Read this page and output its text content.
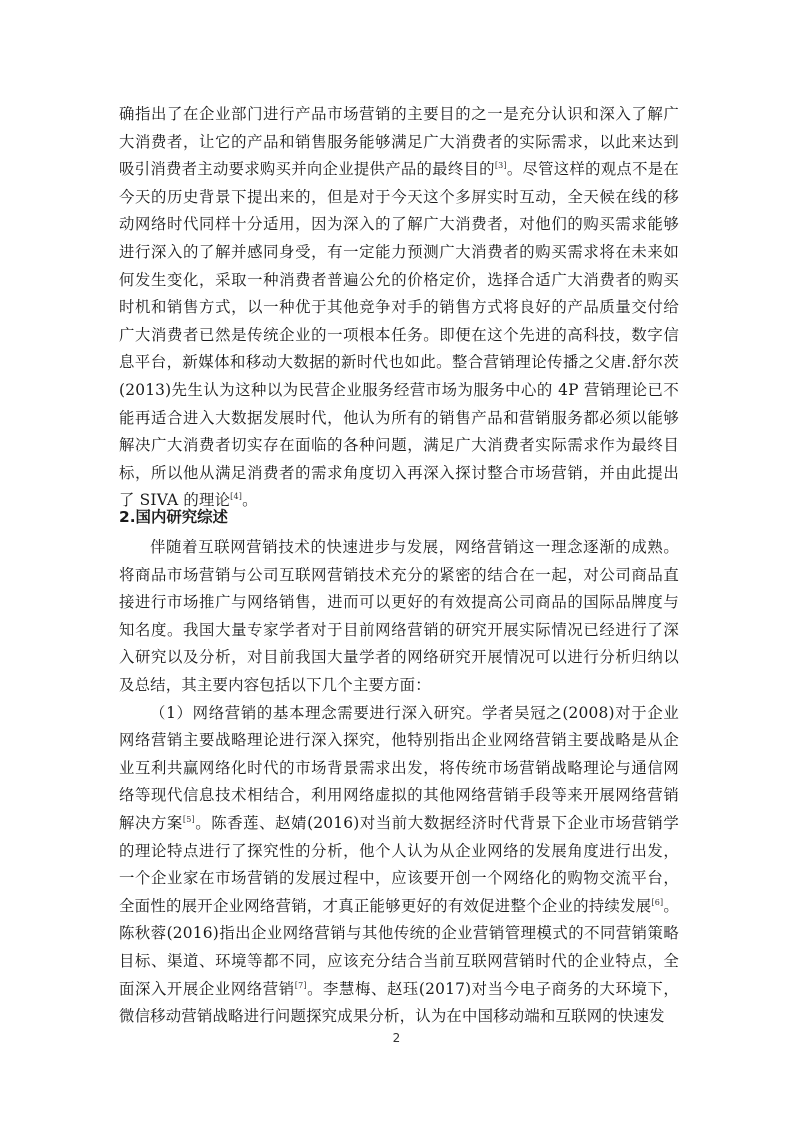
确指出了在企业部门进行产品市场营销的主要目的之一是充分认识和深入了解广大消费者，让它的产品和销售服务能够满足广大消费者的实际需求，以此来达到吸引消费者主动要求购买并向企业提供产品的最终目的[3]。尽管这样的观点不是在今天的历史背景下提出来的，但是对于今天这个多屏实时互动，全天候在线的移动网络时代同样十分适用，因为深入的了解广大消费者，对他们的购买需求能够进行深入的了解并感同身受，有一定能力预测广大消费者的购买需求将在未来如何发生变化，采取一种消费者普遍公允的价格定价，选择合适广大消费者的购买时机和销售方式，以一种优于其他竞争对手的销售方式将良好的产品质量交付给广大消费者已然是传统企业的一项根本任务。即便在这个先进的高科技，数字信息平台，新媒体和移动大数据的新时代也如此。整合营销理论传播之父唐.舒尔茨(2013)先生认为这种以为民营企业服务经营市场为服务中心的 4P 营销理论已不能再适合进入大数据发展时代，他认为所有的销售产品和营销服务都必须以能够解决广大消费者切实存在面临的各种问题，满足广大消费者实际需求作为最终目标，所以他从满足消费者的需求角度切入再深入探讨整合市场营销，并由此提出了 SIVA 的理论[4]。

2.国内研究综述

伴随着互联网营销技术的快速进步与发展，网络营销这一理念逐渐的成熟。将商品市场营销与公司互联网营销技术充分的紧密的结合在一起，对公司商品直接进行市场推广与网络销售，进而可以更好的有效提高公司商品的国际品牌度与知名度。我国大量专家学者对于目前网络营销的研究开展实际情况已经进行了深入研究以及分析，对目前我国大量学者的网络研究开展情况可以进行分析归纳以及总结，其主要内容包括以下几个主要方面：

（1）网络营销的基本理念需要进行深入研究。学者吴冠之(2008)对于企业网络营销主要战略理论进行深入探究，他特别指出企业网络营销主要战略是从企业互利共赢网络化时代的市场背景需求出发，将传统市场营销战略理论与通信网络等现代信息技术相结合，利用网络虚拟的其他网络营销手段等来开展网络营销解决方案[5]。陈香莲、赵婧(2016)对当前大数据经济时代背景下企业市场营销学的理论特点进行了探究性的分析，他个人认为从企业网络的发展角度进行出发，一个企业家在市场营销的发展过程中，应该要开创一个网络化的购物交流平台，全面性的展开企业网络营销，才真正能够更好的有效促进整个企业的持续发展[6]。陈秋蓉(2016)指出企业网络营销与其他传统的企业营销管理模式的不同营销策略目标、渠道、环境等都不同，应该充分结合当前互联网营销时代的企业特点，全面深入开展企业网络营销[7]。李慧梅、赵珏(2017)对当今电子商务的大环境下，微信移动营销战略进行问题探究成果分析，认为在中国移动端和互联网的快速发

2
